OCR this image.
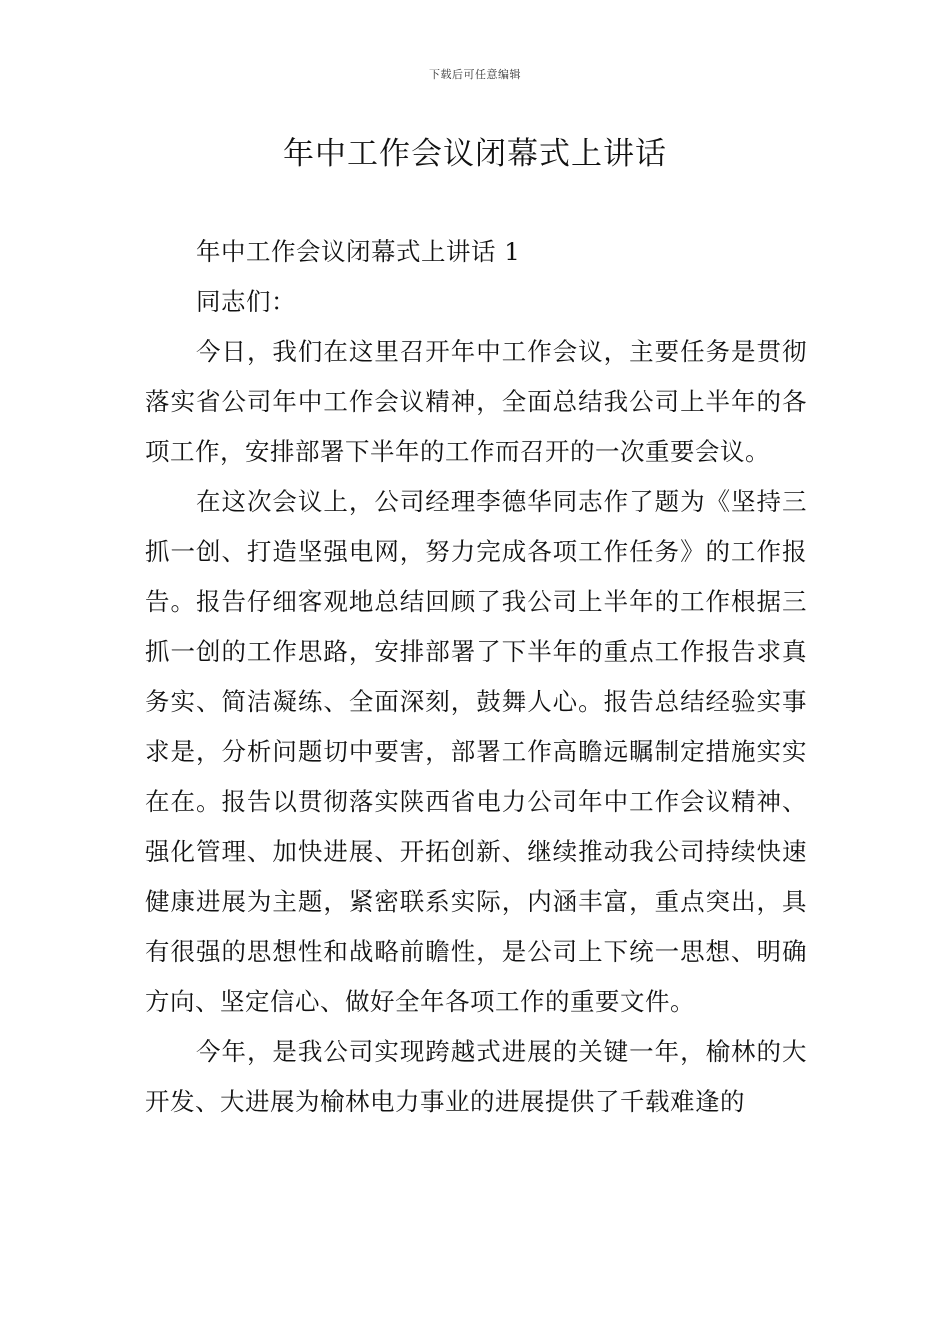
下载后可任意编辑
年中工作会议闭幕式上讲话

年中工作会议闭幕式上讲话 1

同志们：

今日，我们在这里召开年中工作会议，主要任务是贯彻落实省公司年中工作会议精神，全面总结我公司上半年的各项工作，安排部署下半年的工作而召开的一次重要会议。

在这次会议上，公司经理李德华同志作了题为《坚持三抓一创、打造坚强电网，努力完成各项工作任务》的工作报告。报告仔细客观地总结回顾了我公司上半年的工作根据三抓一创的工作思路，安排部署了下半年的重点工作报告求真务实、简洁凝练、全面深刻，鼓舞人心。报告总结经验实事求是，分析问题切中要害，部署工作高瞻远瞩制定措施实实在在。报告以贯彻落实陕西省电力公司年中工作会议精神、强化管理、加快进展、开拓创新、继续推动我公司持续快速健康进展为主题，紧密联系实际，内涵丰富，重点突出，具有很强的思想性和战略前瞻性，是公司上下统一思想、明确方向、坚定信心、做好全年各项工作的重要文件。

今年，是我公司实现跨越式进展的关键一年，榆林的大开发、大进展为榆林电力事业的进展提供了千载难逢的
